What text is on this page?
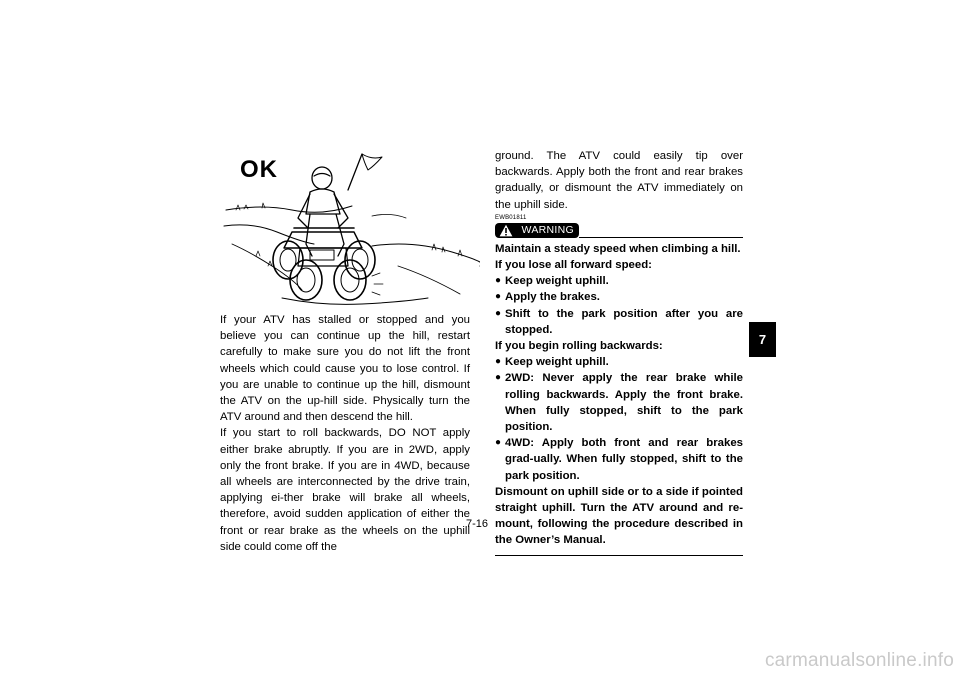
OK

If your ATV has stalled or stopped and you believe you can continue up the hill, restart carefully to make sure you do not lift the front wheels which could cause you to lose control. If you are unable to continue up the hill, dismount the ATV on the up-hill side. Physically turn the ATV around and then descend the hill.

If you start to roll backwards, DO NOT apply either brake abruptly. If you are in 2WD, apply only the front brake. If you are in 4WD, because all wheels are interconnected by the drive train, applying ei-ther brake will brake all wheels, therefore, avoid sudden application of either the front or rear brake as the wheels on the uphill side could come off the

ground. The ATV could easily tip over backwards. Apply both the front and rear brakes gradually, or dismount the ATV immediately on the uphill side.

EWB01811
WARNING

Maintain a steady speed when climbing a hill.

If you lose all forward speed:

● Keep weight uphill.
● Apply the brakes.
● Shift to the park position after you are stopped.

If you begin rolling backwards:

● Keep weight uphill.
● 2WD: Never apply the rear brake while rolling backwards. Apply the front brake. When fully stopped, shift to the park position.
● 4WD: Apply both front and rear brakes grad-ually. When fully stopped, shift to the park position.

Dismount on uphill side or to a side if pointed straight uphill. Turn the ATV around and re-mount, following the procedure described in the Owner’s Manual.

7-16
7
carmanualsonline.info
